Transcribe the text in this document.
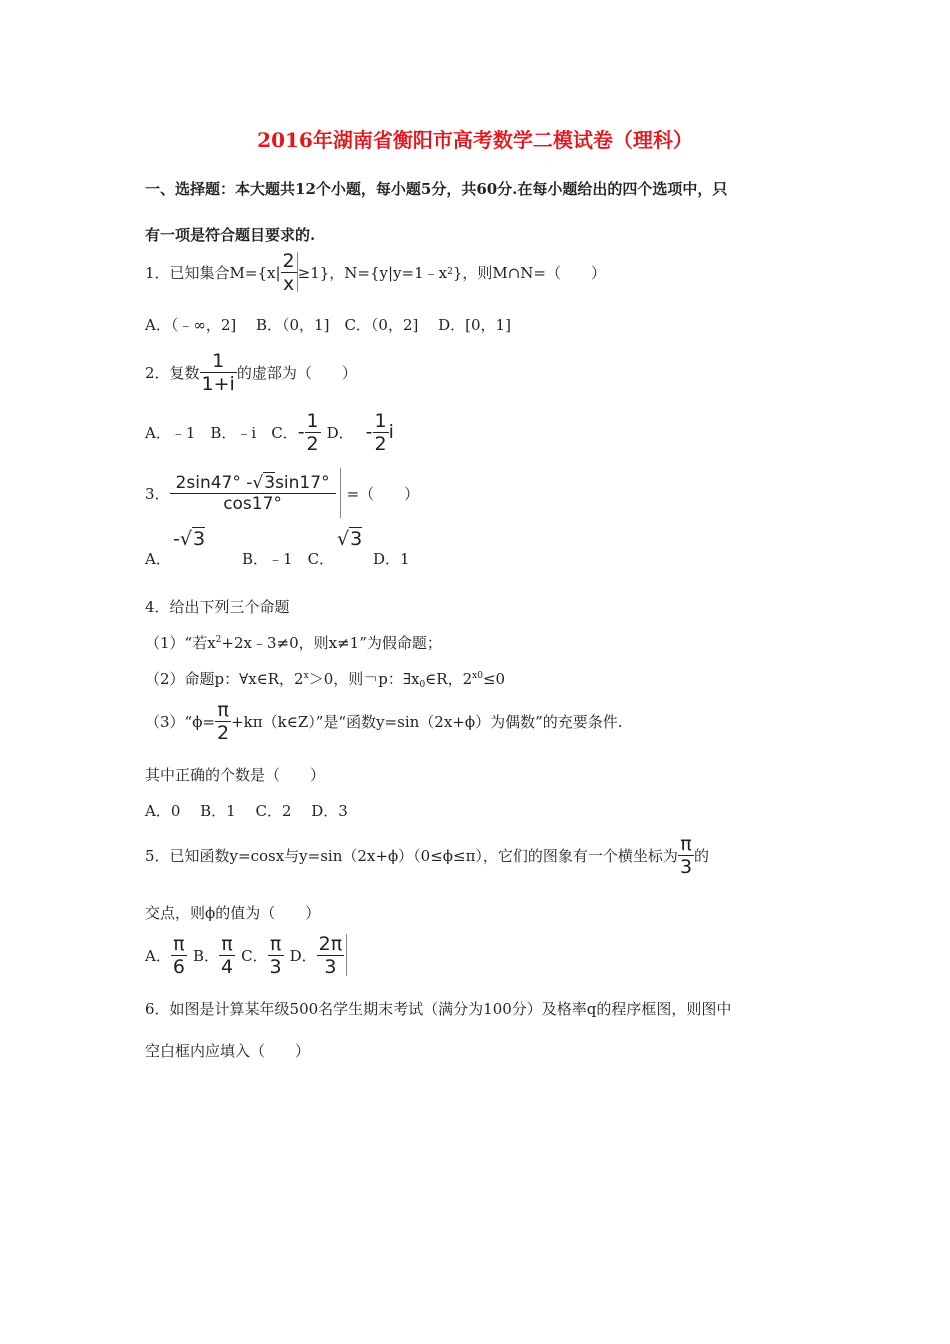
2016年湖南省衡阳市高考数学二模试卷（理科）
一、选择题：本大题共12个小题，每小题5分，共60分.在每小题给出的四个选项中，只
有一项是符合题目要求的.
1．已知集合$M=\{x| \frac{2}{x} \ge 1\}$，N={y|y=1﹣x 2 }，则M∩N=（　　）
A．（﹣∞，2]　 B．（0，1]　C．（0，2]　 D．[0，1]
2．复数 $\frac{1}{1+i}$ 的虚部为（　　）
A．﹣1　B．﹣i　C． - $\frac{1}{2}$ D． - $\frac{1}{2}$ i
3． $\frac{2\sin 47^\circ -√3\sin 17^\circ}{\cos 17^\circ}$ =（　　）
A．
-√3
B．﹣1　C．
√3
D．1
4．给出下列三个命题
（1）“若$x^2+2x﹣3\ne 0$，则x≠1”为假命题；
（2）命题p：∀x∈R，$2^x>0$，则￢p：$\exists x_0\in R$，$2^{x0}\le 0$
（3）“ϕ= $\frac{\pi}{2}$ +kπ（k∈Z）”是“函数y=sin（2x+ϕ）为偶数”的充要条件.
其中正确的个数是（　　）
A．0　 B．1　 C．2　 D．3
5．已知函数y=cosx与y=sin（2x+ϕ）（0≤ϕ≤π），它们的图象有一个横坐标为 $\frac{\pi}{3}$ 的
交点，则ϕ的值为（　　）
A． $\frac{\pi}{6}$ B． $\frac{\pi}{4}$ C． $\frac{\pi}{3}$ D． $\frac{2\pi}{3}$
6．如图是计算某年级500名学生期末考试（满分为100分）及格率q的程序框图，则图中
空白框内应填入（　　）
